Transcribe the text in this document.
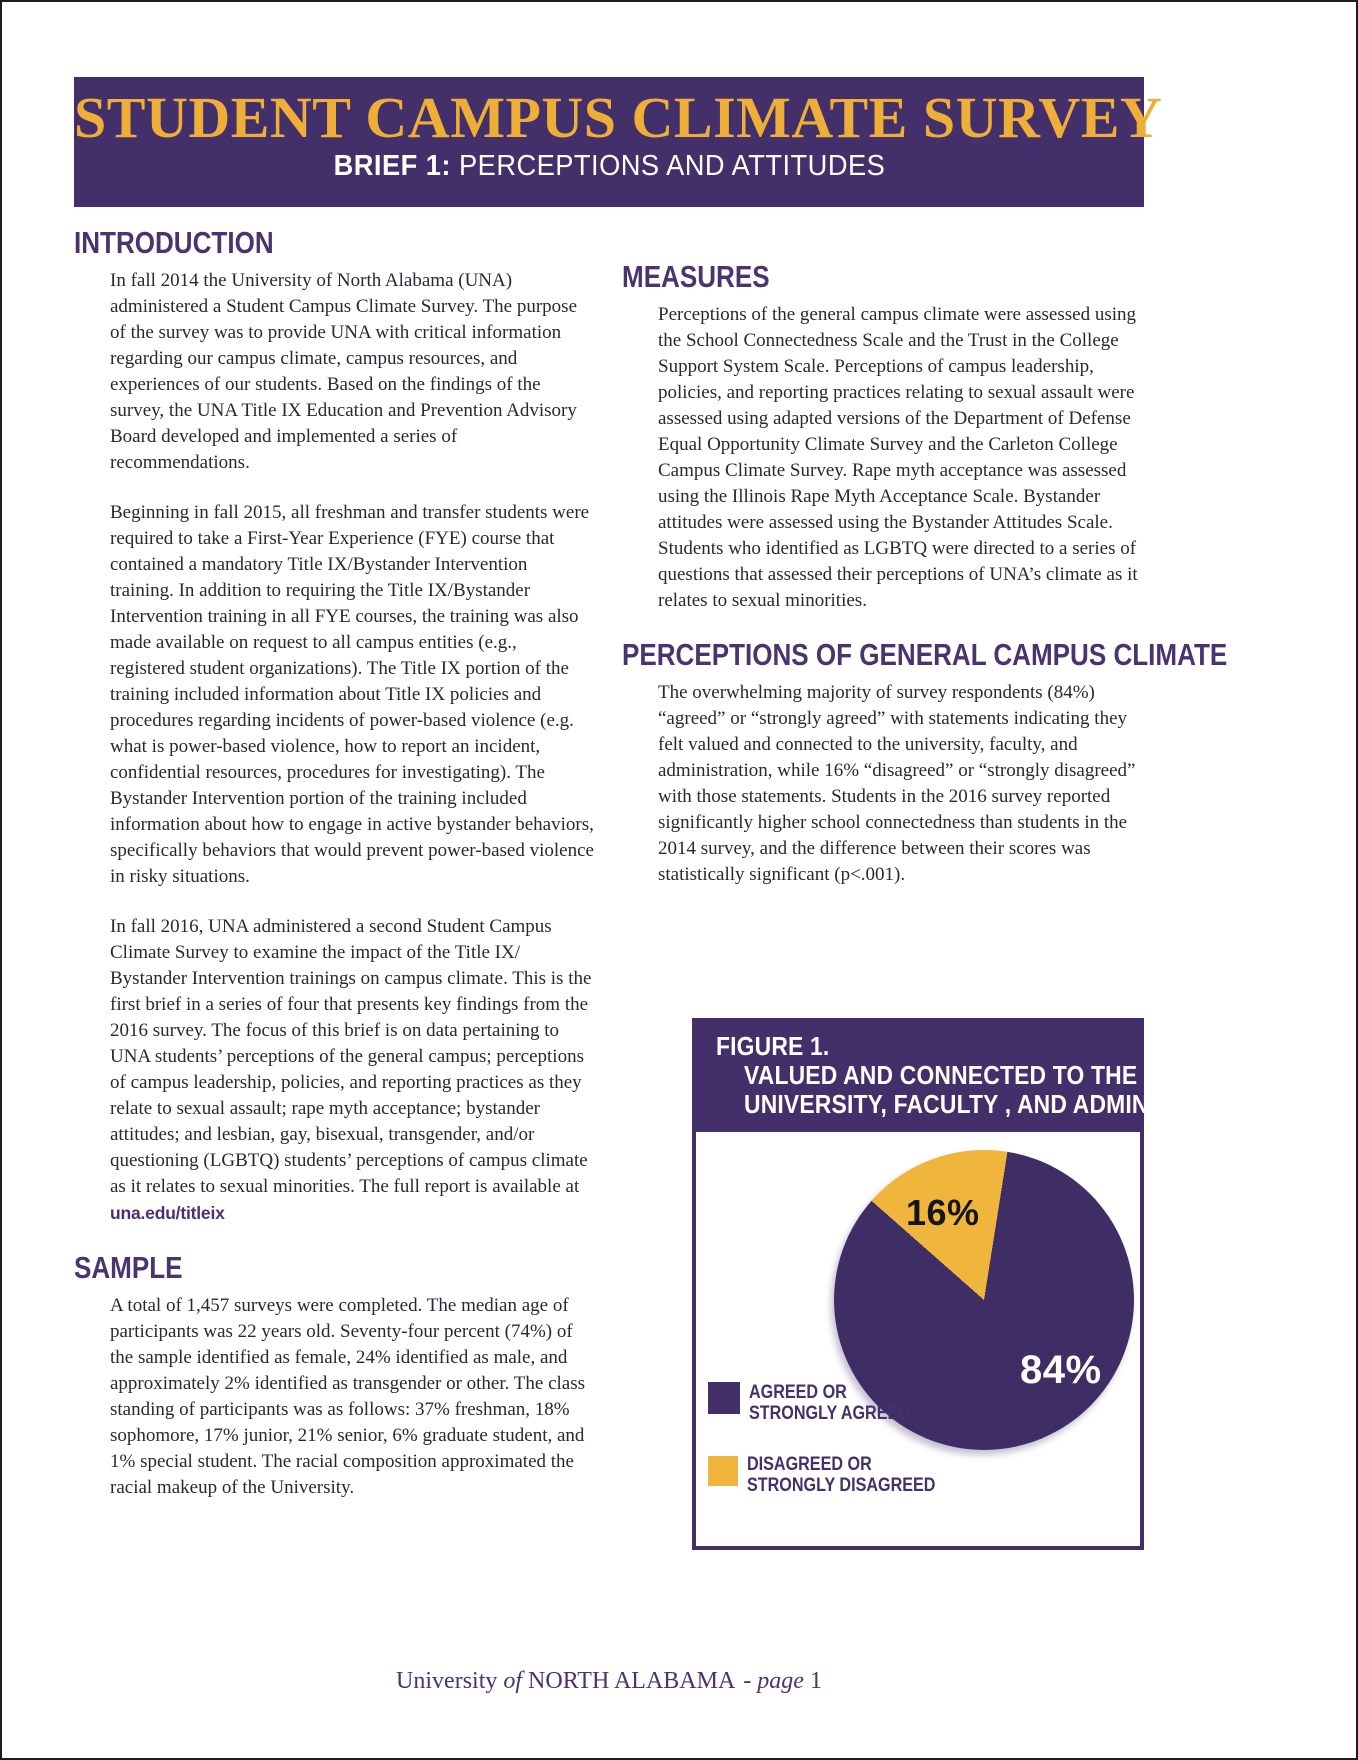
STUDENT CAMPUS CLIMATE SURVEY

BRIEF 1: PERCEPTIONS AND ATTITUDES

INTRODUCTION

In fall 2014 the University of North Alabama (UNA) administered a Student Campus Climate Survey. The purpose of the survey was to provide UNA with critical information regarding our campus climate, campus resources, and experiences of our students. Based on the findings of the survey, the UNA Title IX Education and Prevention Advisory Board developed and implemented a series of recommendations.

Beginning in fall 2015, all freshman and transfer students were required to take a First-Year Experience (FYE) course that contained a mandatory Title IX/Bystander Intervention training. In addition to requiring the Title IX/Bystander Intervention training in all FYE courses, the training was also made available on request to all campus entities (e.g., registered student organizations). The Title IX portion of the training included information about Title IX policies and procedures regarding incidents of power-based violence (e.g. what is power-based violence, how to report an incident, confidential resources, procedures for investigating). The Bystander Intervention portion of the training included information about how to engage in active bystander behaviors, specifically behaviors that would prevent power-based violence in risky situations.

In fall 2016, UNA administered a second Student Campus Climate Survey to examine the impact of the Title IX/ Bystander Intervention trainings on campus climate. This is the first brief in a series of four that presents key findings from the 2016 survey. The focus of this brief is on data pertaining to UNA students’ perceptions of the general campus; perceptions of campus leadership, policies, and reporting practices as they relate to sexual assault; rape myth acceptance; bystander attitudes; and lesbian, gay, bisexual, transgender, and/or questioning (LGBTQ) students’ perceptions of campus climate as it relates to sexual minorities. The full report is available at una.edu/titleix

SAMPLE

A total of 1,457 surveys were completed. The median age of participants was 22 years old. Seventy-four percent (74%) of the sample identified as female, 24% identified as male, and approximately 2% identified as transgender or other. The class standing of participants was as follows: 37% freshman, 18% sophomore, 17% junior, 21% senior, 6% graduate student, and 1% special student. The racial composition approximated the racial makeup of the University.

MEASURES

Perceptions of the general campus climate were assessed using the School Connectedness Scale and the Trust in the College Support System Scale. Perceptions of campus leadership, policies, and reporting practices relating to sexual assault were assessed using adapted versions of the Department of Defense Equal Opportunity Climate Survey and the Carleton College Campus Climate Survey. Rape myth acceptance was assessed using the Illinois Rape Myth Acceptance Scale. Bystander attitudes were assessed using the Bystander Attitudes Scale. Students who identified as LGBTQ were directed to a series of questions that assessed their perceptions of UNA’s climate as it relates to sexual minorities.

PERCEPTIONS OF GENERAL CAMPUS CLIMATE

The overwhelming majority of survey respondents (84%) “agreed” or “strongly agreed” with statements indicating they felt valued and connected to the university, faculty, and administration, while 16% “disagreed” or “strongly disagreed” with those statements. Students in the 2016 survey reported significantly higher school connectedness than students in the 2014 survey, and the difference between their scores was statistically significant (p<.001).

FIGURE 1.
VALUED AND CONNECTED TO THE
UNIVERSITY, FACULTY , AND ADMINISTRATION
16%
84%
AGREED OR
STRONGLY AGREED
DISAGREED OR
STRONGLY DISAGREED
University of NORTH ALABAMA - page 1
